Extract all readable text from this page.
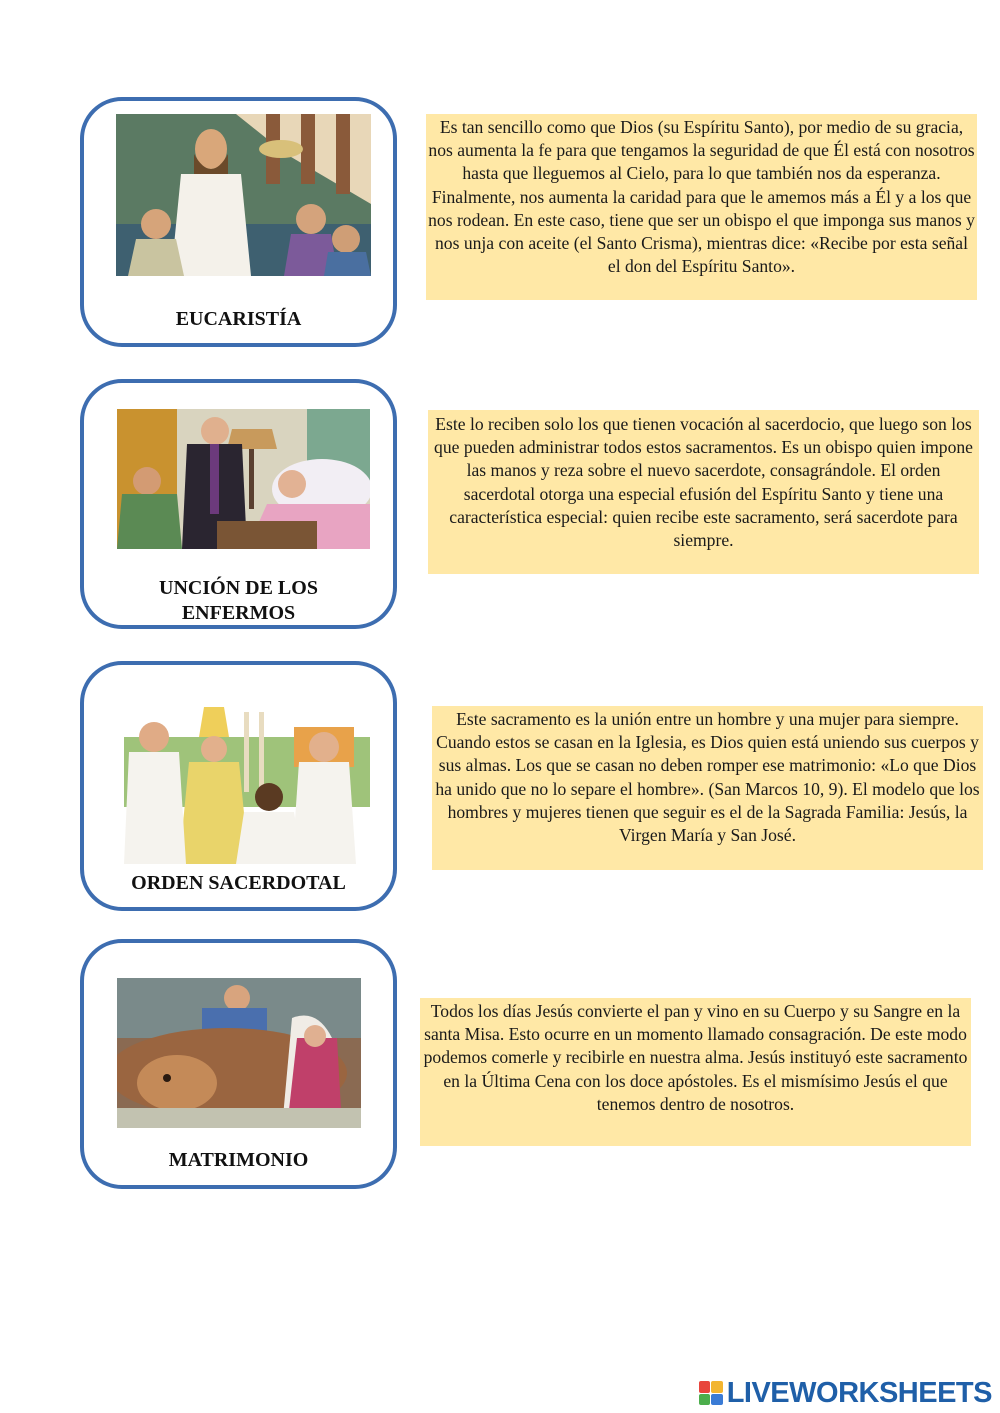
EUCARISTÍA
UNCIÓN DE LOS
ENFERMOS
ORDEN SACERDOTAL
MATRIMONIO
Es tan sencillo como que Dios (su Espíritu Santo), por medio de su gracia, nos aumenta la fe para que tengamos la seguridad de que Él está con nosotros hasta que lleguemos al Cielo, para lo que también nos da esperanza. Finalmente, nos aumenta la caridad para que le amemos más a Él y a los que nos rodean. En este caso, tiene que ser un obispo el que imponga sus manos y nos unja con aceite (el Santo Crisma), mientras dice: «Recibe por esta señal el don del Espíritu Santo».
Este lo reciben solo los que tienen vocación al sacerdocio, que luego son los que pueden administrar todos estos sacramentos. Es un obispo quien impone las manos y reza sobre el nuevo sacerdote, consagrándole. El orden sacerdotal otorga una especial efusión del Espíritu Santo y tiene una característica especial: quien recibe este sacramento, será sacerdote para siempre.
Este sacramento es la unión entre un hombre y una mujer para siempre. Cuando estos se casan en la Iglesia, es Dios quien está uniendo sus cuerpos y sus almas. Los que se casan no deben romper ese matrimonio: «Lo que Dios ha unido que no lo separe el hombre». (San Marcos 10, 9). El modelo que los hombres y mujeres tienen que seguir es el de la Sagrada Familia: Jesús, la Virgen María y San José.
Todos los días Jesús convierte el pan y vino en su Cuerpo y su Sangre en la santa Misa. Esto ocurre en un momento llamado consagración. De este modo podemos comerle y recibirle en nuestra alma. Jesús instituyó este sacramento en la Última Cena con los doce apóstoles. Es el mismísimo Jesús el que tenemos dentro de nosotros.
LIVEWORKSHEETS
